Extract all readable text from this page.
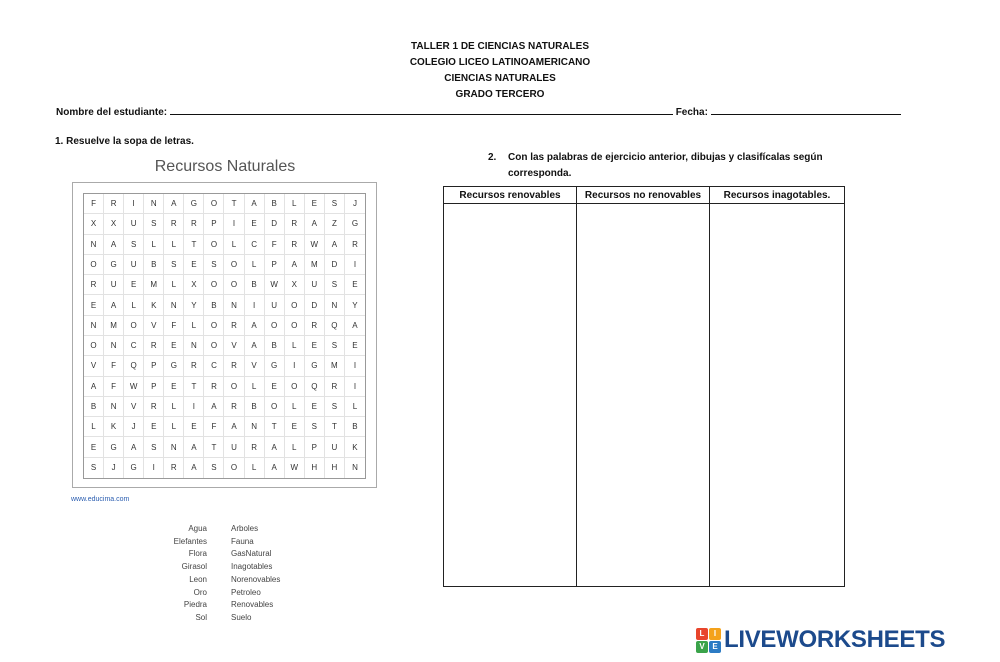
TALLER 1 DE CIENCIAS NATURALES
COLEGIO LICEO LATINOAMERICANO
CIENCIAS NATURALES
GRADO TERCERO
Nombre del estudiante:	Fecha:
1. Resuelve la sopa de letras.
2. Con las palabras de ejercicio anterior, dibujas y clasifícalas según
corresponda.
Recursos Naturales
F	R	I	N	A	G	O	T	A	B	L	E	S	J
X	X	U	S	R	R	P	I	E	D	R	A	Z	G
N	A	S	L	L	T	O	L	C	F	R	W	A	R
O	G	U	B	S	E	S	O	L	P	A	M	D	I
R	U	E	M	L	X	O	O	B	W	X	U	S	E
E	A	L	K	N	Y	B	N	I	U	O	D	N	Y
N	M	O	V	F	L	O	R	A	O	O	R	Q	A
O	N	C	R	E	N	O	V	A	B	L	E	S	E
V	F	Q	P	G	R	C	R	V	G	I	G	M	I
A	F	W	P	E	T	R	O	L	E	O	Q	R	I
B	N	V	R	L	I	A	R	B	O	L	E	S	L
L	K	J	E	L	E	F	A	N	T	E	S	T	B
E	G	A	S	N	A	T	U	R	A	L	P	U	K
S	J	G	I	R	A	S	O	L	A	W	H	H	N
www.educima.com
Agua
Elefantes
Flora
Girasol
Leon
Oro
Piedra
Sol
Arboles
Fauna
GasNatural
Inagotables
Norenovables
Petroleo
Renovables
Suelo
Recursos renovables	Recursos no renovables	Recursos inagotables.

L	I
V E LIVEWORKSHEETS
